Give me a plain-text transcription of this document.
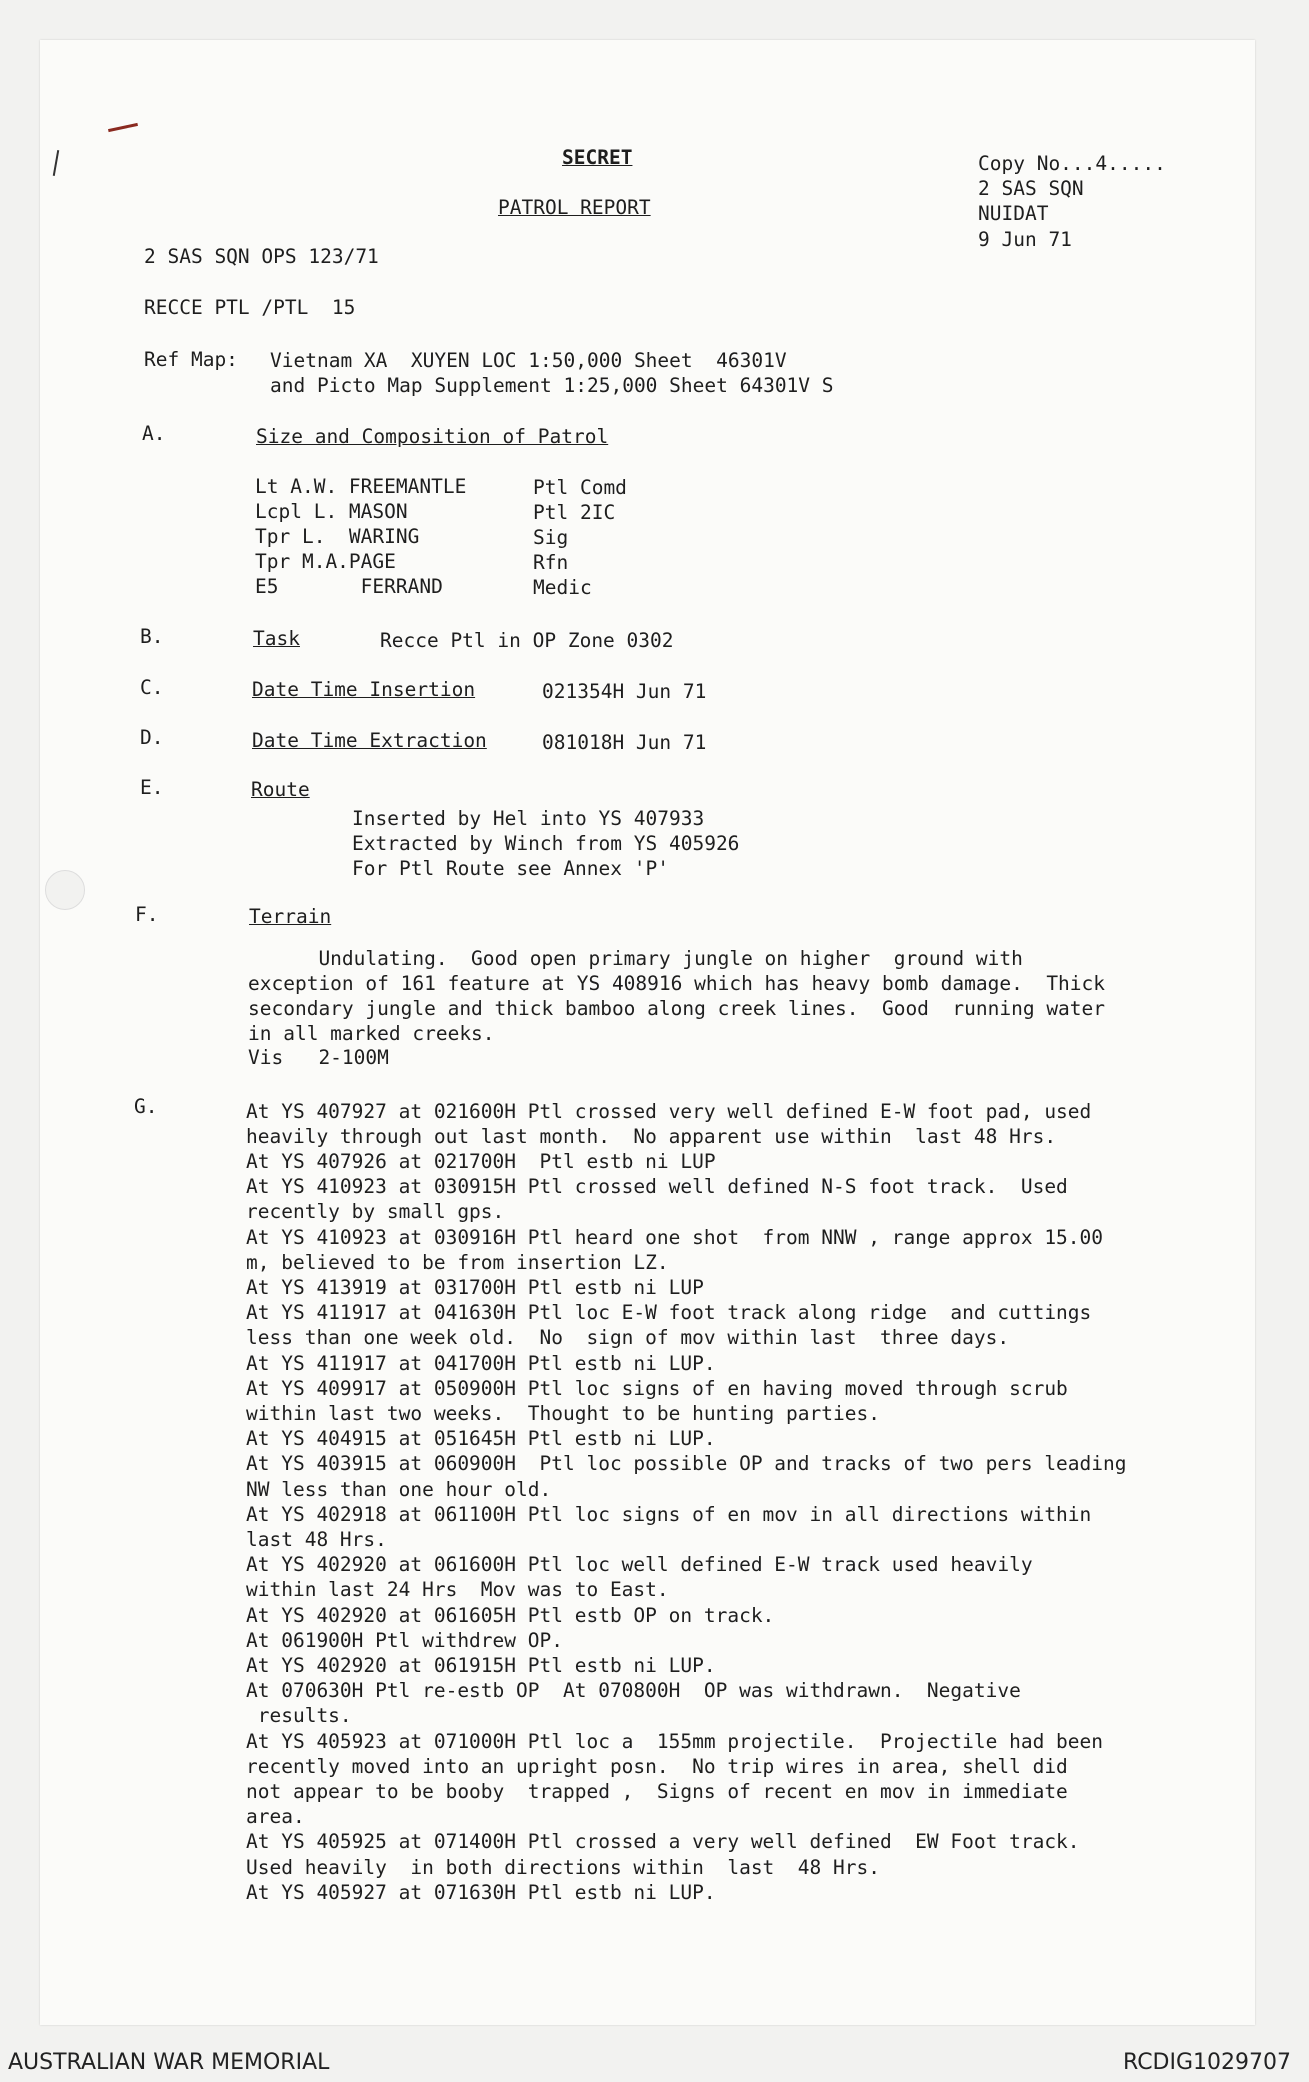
SECRET
PATROL REPORT
Copy No...4.....
2 SAS SQN
NUIDAT
9 Jun 71
2 SAS SQN OPS 123/71
RECCE PTL /PTL  15
Ref Map: Vietnam XA  XUYEN LOC 1:50,000 Sheet  46301V
and Picto Map Supplement 1:25,000 Sheet 64301V S
A.	Size and Composition of Patrol
Lt A.W. FREEMANTLE	Ptl Comd
Lcpl L. MASON	Ptl 2IC
Tpr L.  WARING	Sig
Tpr M.A.PAGE	Rfn
E5       FERRAND	Medic
B.	Task	Recce Ptl in OP Zone 0302
C.	Date Time Insertion	021354H Jun 71
D.	Date Time Extraction	081018H Jun 71
E.	Route
Inserted by Hel into YS 407933
Extracted by Winch from YS 405926
For Ptl Route see Annex 'P'
F.	Terrain
Undulating.  Good open primary jungle on higher  ground with
exception of 161 feature at YS 408916 which has heavy bomb damage.  Thick
secondary jungle and thick bamboo along creek lines.  Good  running water
in all marked creeks.
Vis   2-100M
G.	At YS 407927 at 021600H Ptl crossed very well defined E-W foot pad, used
heavily through out last month.  No apparent use within  last 48 Hrs.
At YS 407926 at 021700H  Ptl estb ni LUP
At YS 410923 at 030915H Ptl crossed well defined N-S foot track.  Used
recently by small gps.
At YS 410923 at 030916H Ptl heard one shot  from NNW , range approx 15.00
m, believed to be from insertion LZ.
At YS 413919 at 031700H Ptl estb ni LUP
At YS 411917 at 041630H Ptl loc E-W foot track along ridge  and cuttings
less than one week old.  No  sign of mov within last  three days.
At YS 411917 at 041700H Ptl estb ni LUP.
At YS 409917 at 050900H Ptl loc signs of en having moved through scrub
within last two weeks.  Thought to be hunting parties.
At YS 404915 at 051645H Ptl estb ni LUP.
At YS 403915 at 060900H  Ptl loc possible OP and tracks of two pers leading
NW less than one hour old.
At YS 402918 at 061100H Ptl loc signs of en mov in all directions within
last 48 Hrs.
At YS 402920 at 061600H Ptl loc well defined E-W track used heavily
within last 24 Hrs  Mov was to East.
At YS 402920 at 061605H Ptl estb OP on track.
At 061900H Ptl withdrew OP.
At YS 402920 at 061915H Ptl estb ni LUP.
At 070630H Ptl re-estb OP  At 070800H  OP was withdrawn.  Negative
results.
At YS 405923 at 071000H Ptl loc a  155mm projectile.  Projectile had been
recently moved into an upright posn.  No trip wires in area, shell did
not appear to be booby  trapped ,  Signs of recent en mov in immediate
area.
At YS 405925 at 071400H Ptl crossed a very well defined  EW Foot track.
Used heavily  in both directions within  last  48 Hrs.
At YS 405927 at 071630H Ptl estb ni LUP.
AUSTRALIAN WAR MEMORIAL	RCDIG1029707
